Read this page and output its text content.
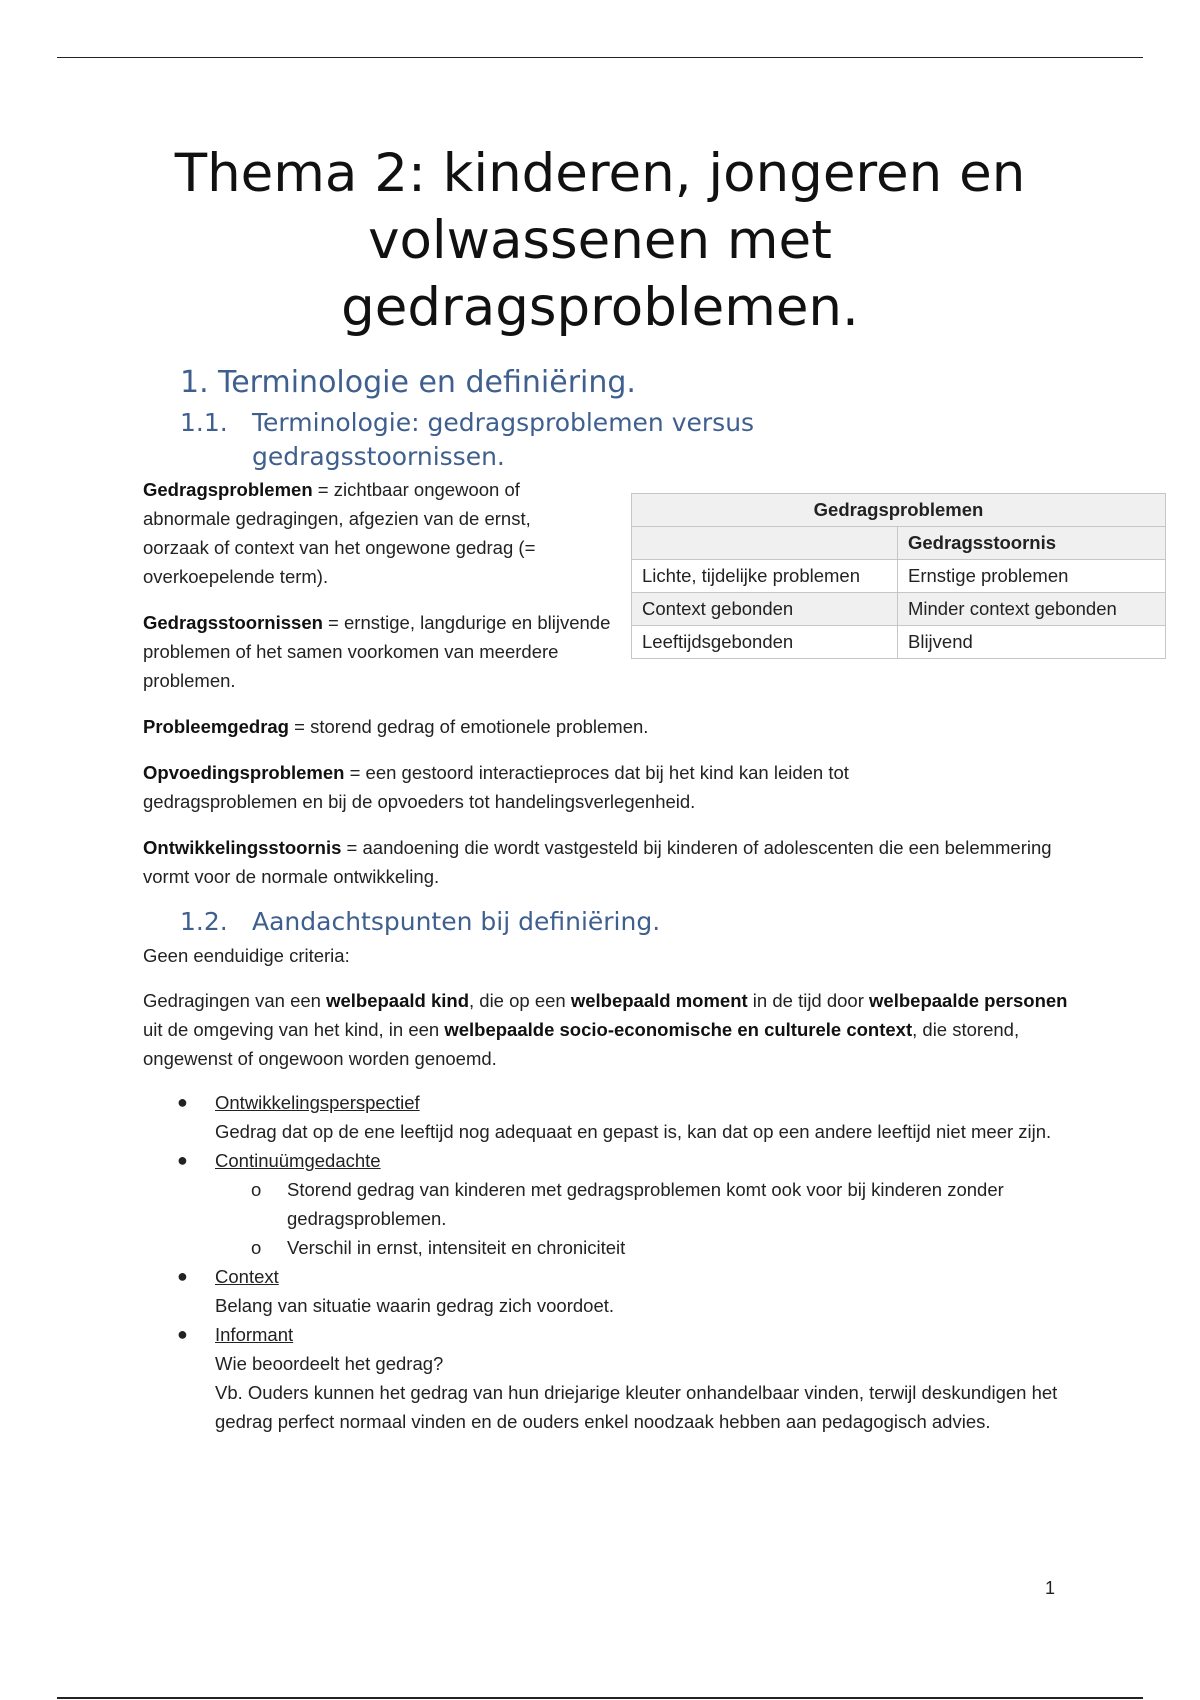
Thema 2: kinderen, jongeren en volwassenen met gedragsproblemen.
1. Terminologie en definiëring.
1.1. Terminologie: gedragsproblemen versus gedragsstoornissen.

Gedragsproblemen = zichtbaar ongewoon of abnormale gedragingen, afgezien van de ernst, oorzaak of context van het ongewone gedrag (= overkoepelende term).

Gedragsstoornissen = ernstige, langdurige en blijvende problemen of het samen voorkomen van meerdere problemen.

Gedragsproblemen	
	Gedragsstoornis
Lichte, tijdelijke problemen	Ernstige problemen
Context gebonden	Minder context gebonden
Leeftijdsgebonden	Blijvend

Probleemgedrag = storend gedrag of emotionele problemen.

Opvoedingsproblemen = een gestoord interactieproces dat bij het kind kan leiden tot gedragsproblemen en bij de opvoeders tot handelingsverlegenheid.

Ontwikkelingsstoornis = aandoening die wordt vastgesteld bij kinderen of adolescenten die een belemmering vormt voor de normale ontwikkeling.

1.2. Aandachtspunten bij definiëring.

Geen eenduidige criteria:

Gedragingen van een welbepaald kind, die op een welbepaald moment in de tijd door welbepaalde personen uit de omgeving van het kind, in een welbepaalde socio-economische en culturele context, die storend, ongewenst of ongewoon worden genoemd.

● Ontwikkelingsperspectief
Gedrag dat op de ene leeftijd nog adequaat en gepast is, kan dat op een andere leeftijd niet meer zijn.
● Continuümgedachte
o Storend gedrag van kinderen met gedragsproblemen komt ook voor bij kinderen zonder gedragsproblemen.
o Verschil in ernst, intensiteit en chroniciteit
● Context
Belang van situatie waarin gedrag zich voordoet.
● Informant
Wie beoordeelt het gedrag?
Vb. Ouders kunnen het gedrag van hun driejarige kleuter onhandelbaar vinden, terwijl deskundigen het gedrag perfect normaal vinden en de ouders enkel noodzaak hebben aan pedagogisch advies.
1
